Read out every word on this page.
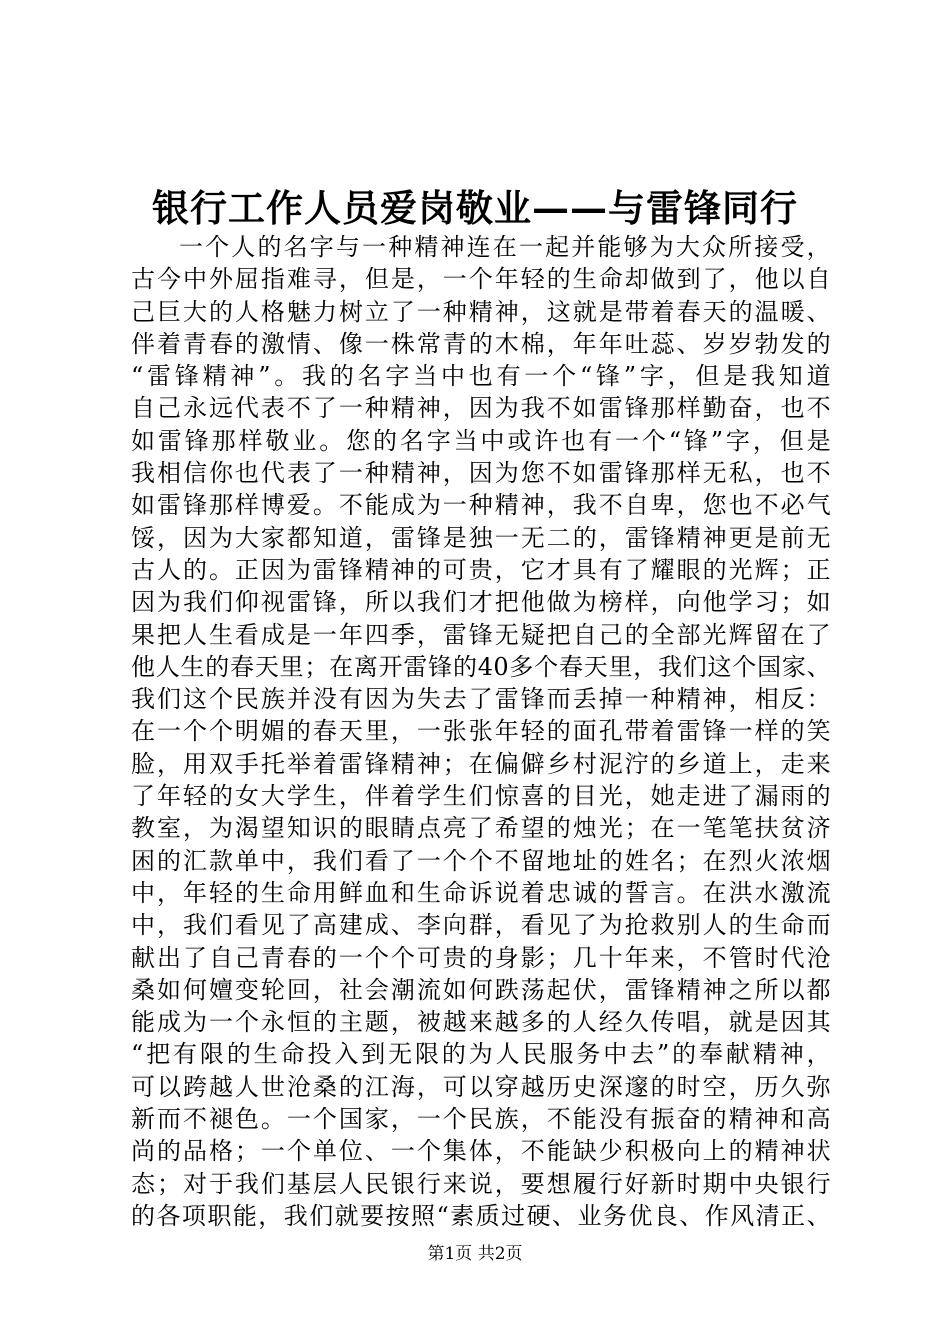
银行工作人员爱岗敬业——与雷锋同行
一个人的名字与一种精神连在一起并能够为大众所接受，
古今中外屈指难寻，但是，一个年轻的生命却做到了，他以自
己巨大的人格魅力树立了一种精神，这就是带着春天的温暖、
伴着青春的激情、像一株常青的木棉，年年吐蕊、岁岁勃发的
“雷锋精神”。我的名字当中也有一个“锋”字，但是我知道
自己永远代表不了一种精神，因为我不如雷锋那样勤奋，也不
如雷锋那样敬业。您的名字当中或许也有一个“锋”字，但是
我相信你也代表了一种精神，因为您不如雷锋那样无私，也不
如雷锋那样博爱。不能成为一种精神，我不自卑，您也不必气
馁，因为大家都知道，雷锋是独一无二的，雷锋精神更是前无
古人的。正因为雷锋精神的可贵，它才具有了耀眼的光辉；正
因为我们仰视雷锋，所以我们才把他做为榜样，向他学习；如
果把人生看成是一年四季，雷锋无疑把自己的全部光辉留在了
他人生的春天里；在离开雷锋的40多个春天里，我们这个国家、
我们这个民族并没有因为失去了雷锋而丢掉一种精神，相反：
在一个个明媚的春天里，一张张年轻的面孔带着雷锋一样的笑
脸，用双手托举着雷锋精神；在偏僻乡村泥泞的乡道上，走来
了年轻的女大学生，伴着学生们惊喜的目光，她走进了漏雨的
教室，为渴望知识的眼睛点亮了希望的烛光；在一笔笔扶贫济
困的汇款单中，我们看了一个个不留地址的姓名；在烈火浓烟
中，年轻的生命用鲜血和生命诉说着忠诚的誓言。在洪水激流
中，我们看见了高建成、李向群，看见了为抢救别人的生命而
献出了自己青春的一个个可贵的身影；几十年来，不管时代沧
桑如何嬗变轮回，社会潮流如何跌荡起伏，雷锋精神之所以都
能成为一个永恒的主题，被越来越多的人经久传唱，就是因其
“把有限的生命投入到无限的为人民服务中去”的奉献精神，
可以跨越人世沧桑的江海，可以穿越历史深邃的时空，历久弥
新而不褪色。一个国家，一个民族，不能没有振奋的精神和高
尚的品格；一个单位、一个集体，不能缺少积极向上的精神状
态；对于我们基层人民银行来说，要想履行好新时期中央银行
的各项职能，我们就要按照“素质过硬、业务优良、作风清正、
第1页 共2页
